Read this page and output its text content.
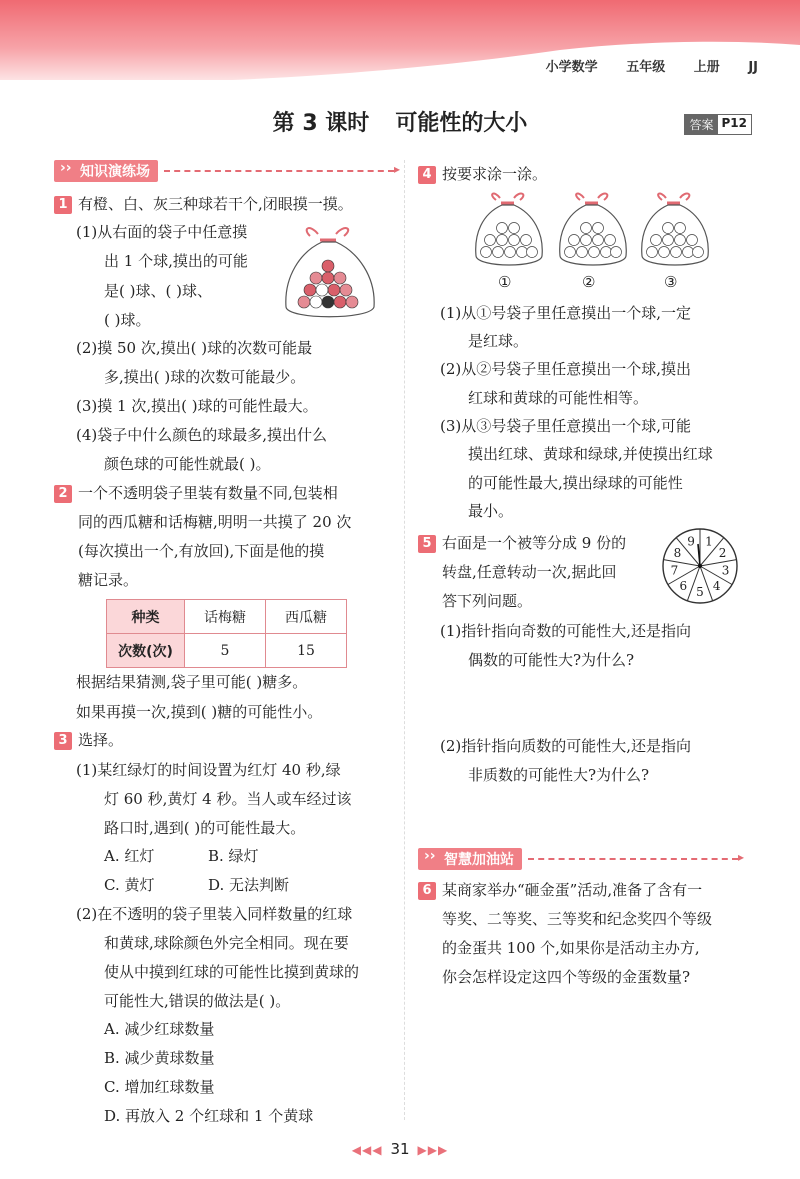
小学数学 五年级 上册 JJ
第 3 课时 可能性的大小	答案 P12
›› 知识演练场
▸
1 有橙、白、灰三种球若干个,闭眼摸一摸。
(1)从右面的袋子中任意摸
出 1 个球,摸出的可能
是( )球、( )球、
( )球。
(2)摸 50 次,摸出( )球的次数可能最
多,摸出( )球的次数可能最少。
(3)摸 1 次,摸出( )球的可能性最大。
(4)袋子中什么颜色的球最多,摸出什么
颜色球的可能性就最( )。
2 一个不透明袋子里装有数量不同,包装相
同的西瓜糖和话梅糖,明明一共摸了 20 次
(每次摸出一个,有放回),下面是他的摸
糖记录。
种类	话梅糖	西瓜糖
次数(次)	5	15
根据结果猜测,袋子里可能( )糖多。
如果再摸一次,摸到( )糖的可能性小。
3 选择。
(1)某红绿灯的时间设置为红灯 40 秒,绿
灯 60 秒,黄灯 4 秒。当人或车经过该
路口时,遇到( )的可能性最大。
A. 红灯	B. 绿灯
C. 黄灯	D. 无法判断
(2)在不透明的袋子里装入同样数量的红球
和黄球,球除颜色外完全相同。现在要
使从中摸到红球的可能性比摸到黄球的
可能性大,错误的做法是( )。
A. 减少红球数量
B. 减少黄球数量
C. 增加红球数量
D. 再放入 2 个红球和 1 个黄球
4 按要求涂一涂。
①	②	③
(1)从①号袋子里任意摸出一个球,一定
是红球。
(2)从②号袋子里任意摸出一个球,摸出
红球和黄球的可能性相等。
(3)从③号袋子里任意摸出一个球,可能
摸出红球、黄球和绿球,并使摸出红球
的可能性最大,摸出绿球的可能性
最小。
5 右面是一个被等分成 9 份的
转盘,任意转动一次,据此回
答下列问题。
1
2
3
4
5
6
7
8
9
(1)指针指向奇数的可能性大,还是指向
偶数的可能性大?为什么?
(2)指针指向质数的可能性大,还是指向
非质数的可能性大?为什么?
›› 智慧加油站
▸
6 某商家举办“砸金蛋”活动,准备了含有一
等奖、二等奖、三等奖和纪念奖四个等级
的金蛋共 100 个,如果你是活动主办方,
你会怎样设定这四个等级的金蛋数量?
◀◀◀ 31 ▶▶▶
